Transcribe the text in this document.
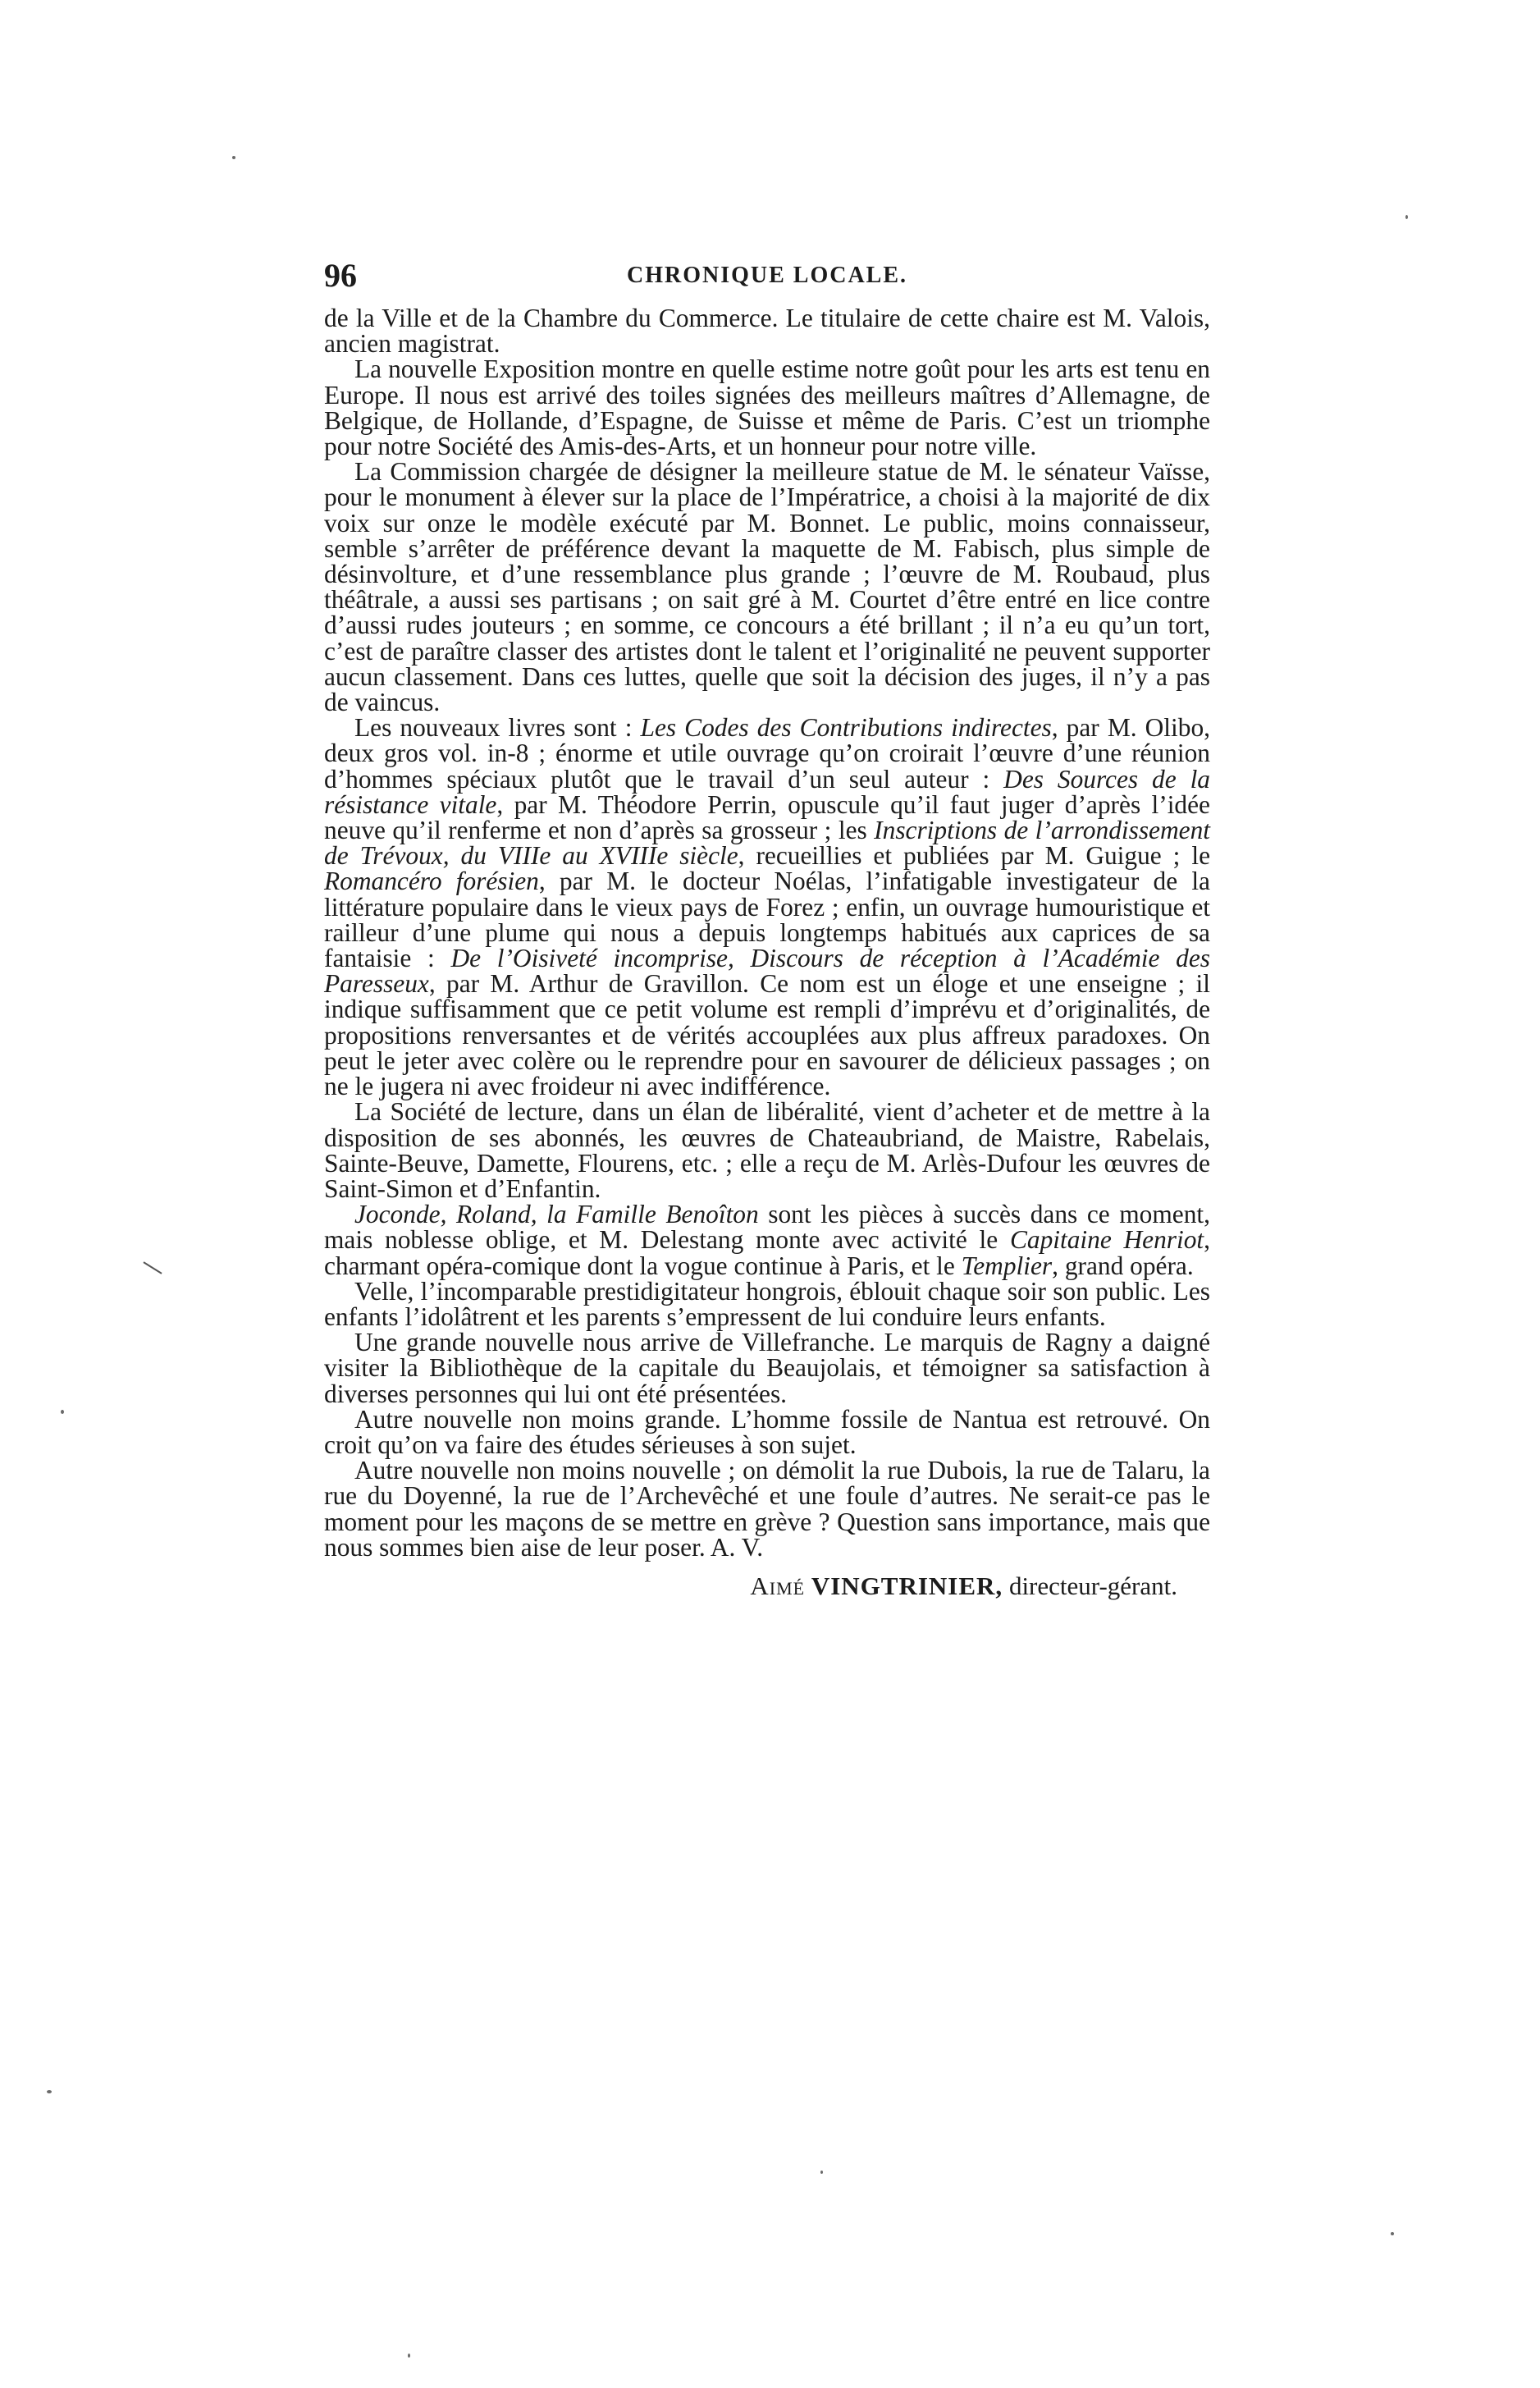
96	CHRONIQUE LOCALE.

de la Ville et de la Chambre du Commerce. Le titulaire de cette chaire est M. Valois, ancien magistrat.

La nouvelle Exposition montre en quelle estime notre goût pour les arts est tenu en Europe. Il nous est arrivé des toiles signées des meilleurs maîtres d’Allemagne, de Belgique, de Hollande, d’Espagne, de Suisse et même de Paris. C’est un triomphe pour notre Société des Amis-des-Arts, et un honneur pour notre ville.

La Commission chargée de désigner la meilleure statue de M. le sénateur Vaïsse, pour le monument à élever sur la place de l’Impératrice, a choisi à la majorité de dix voix sur onze le modèle exécuté par M. Bonnet. Le public, moins connaisseur, semble s’arrêter de préférence devant la maquette de M. Fabisch, plus simple de désinvolture, et d’une ressemblance plus grande ; l’œuvre de M. Roubaud, plus théâtrale, a aussi ses partisans ; on sait gré à M. Courtet d’être entré en lice contre d’aussi rudes jouteurs ; en somme, ce concours a été brillant ; il n’a eu qu’un tort, c’est de paraître classer des artistes dont le talent et l’originalité ne peuvent supporter aucun classement. Dans ces luttes, quelle que soit la décision des juges, il n’y a pas de vaincus.

Les nouveaux livres sont : Les Codes des Contributions indirectes, par M. Olibo, deux gros vol. in-8 ; énorme et utile ouvrage qu’on croirait l’œuvre d’une réunion d’hommes spéciaux plutôt que le travail d’un seul auteur : Des Sources de la résistance vitale, par M. Théodore Perrin, opuscule qu’il faut juger d’après l’idée neuve qu’il renferme et non d’après sa grosseur ; les Inscriptions de l’arrondissement de Trévoux, du VIIIe au XVIIIe siècle, recueillies et publiées par M. Guigue ; le Romancéro forésien, par M. le docteur Noélas, l’infatigable investigateur de la littérature populaire dans le vieux pays de Forez ; enfin, un ouvrage humouristique et railleur d’une plume qui nous a depuis longtemps habitués aux caprices de sa fantaisie : De l’Oisiveté incomprise, Discours de réception à l’Académie des Paresseux, par M. Arthur de Gravillon. Ce nom est un éloge et une enseigne ; il indique suffisamment que ce petit volume est rempli d’imprévu et d’originalités, de propositions renversantes et de vérités accouplées aux plus affreux paradoxes. On peut le jeter avec colère ou le reprendre pour en savourer de délicieux passages ; on ne le jugera ni avec froideur ni avec indifférence.

La Société de lecture, dans un élan de libéralité, vient d’acheter et de mettre à la disposition de ses abonnés, les œuvres de Chateaubriand, de Maistre, Rabelais, Sainte-Beuve, Damette, Flourens, etc. ; elle a reçu de M. Arlès-Dufour les œuvres de Saint-Simon et d’Enfantin.

Joconde, Roland, la Famille Benoîton sont les pièces à succès dans ce moment, mais noblesse oblige, et M. Delestang monte avec activité le Capitaine Henriot, charmant opéra-comique dont la vogue continue à Paris, et le Templier, grand opéra.

Velle, l’incomparable prestidigitateur hongrois, éblouit chaque soir son public. Les enfants l’idolâtrent et les parents s’empressent de lui conduire leurs enfants.

Une grande nouvelle nous arrive de Villefranche. Le marquis de Ragny a daigné visiter la Bibliothèque de la capitale du Beaujolais, et témoigner sa satisfaction à diverses personnes qui lui ont été présentées.

Autre nouvelle non moins grande. L’homme fossile de Nantua est retrouvé. On croit qu’on va faire des études sérieuses à son sujet.

Autre nouvelle non moins nouvelle ; on démolit la rue Dubois, la rue de Talaru, la rue du Doyenné, la rue de l’Archevêché et une foule d’autres. Ne serait-ce pas le moment pour les maçons de se mettre en grève ? Question sans importance, mais que nous sommes bien aise de leur poser. A. V.

Aimé VINGTRINIER, directeur-gérant.
